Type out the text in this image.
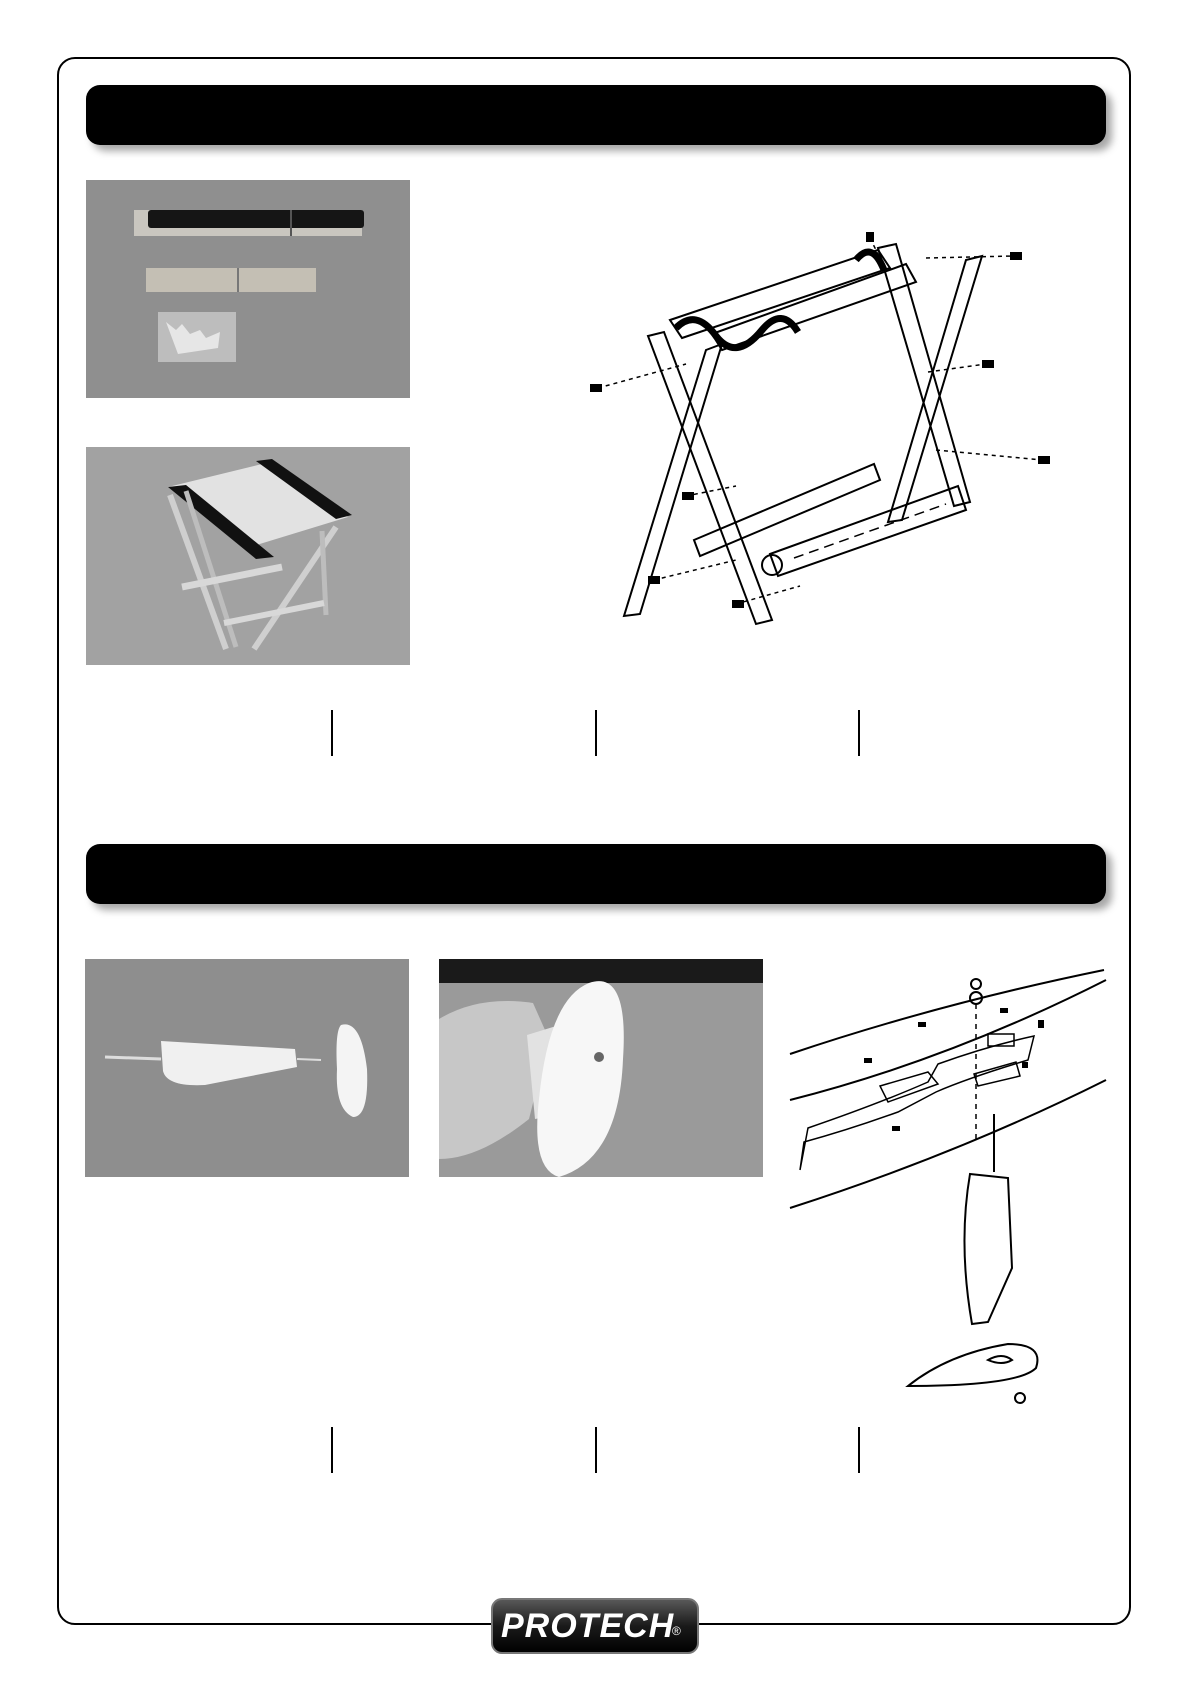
PROTECH
®
